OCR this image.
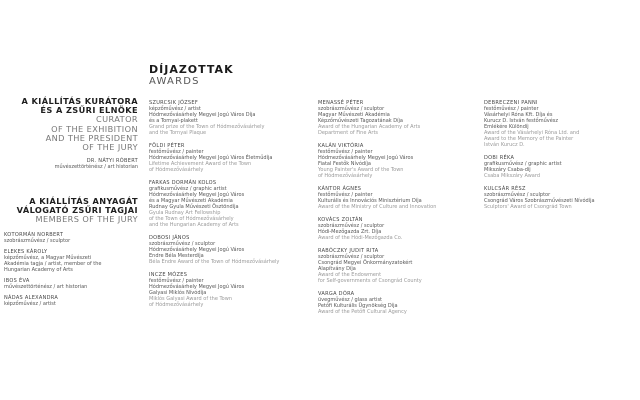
DÍJAZOTTAK
AWARDS
A KIÁLLÍTÁS KURÁTORA
ÉS A ZSŰRI ELNÖKE
CURATOR
OF THE EXHIBITION
AND THE PRESIDENT
OF THE JURY
DR. NÁTYI RÓBERT
művészettörténész / art historian
A KIÁLLÍTÁS ANYAGÁT
VÁLOGATÓ ZSŰRI TAGJAI
MEMBERS OF THE JURY
KOTORMÁN NORBERT
szobrászművész / sculptor
ELEKES KÁROLY
képzőművész, a Magyar Művészeti
Akadémia tagja / artist, member of the
Hungarian Academy of Arts
IBOS ÉVA
művészettörténész / art historian
NÁDAS ALEXANDRA
képzőművész / artist
SZURCSIK JÓZSEF
képzőművész / artist
Hódmezővásárhely Megyei Jogú Város Díja
és a Tornyai-plakett
Grand prize of the Town of Hódmezővásárhely
and the Tornyai Plaque
FÖLDI PÉTER
festőművész / painter
Hódmezővásárhely Megyei Jogú Város Életműdíja
Lifetime Achievement Award of the Town
of Hódmezővásárhely
FARKAS DORMÁN KOLOS
grafikusművész / graphic artist
Hódmezővásárhely Megyei Jogú Város
és a Magyar Művészeti Akadémia
Rudnay Gyula Művészeti Ösztöndíja
Gyula Rudnay Art Fellowship
of the Town of Hódmezővásárhely
and the Hungarian Academy of Arts
DOBOSI JÁNOS
szobrászművész / sculptor
Hódmezővásárhely Megyei Jogú Város
Endre Béla Mesterdíja
Béla Endre Award of the Town of Hódmezővásárhely
INCZE MÓZES
festőművész / painter
Hódmezővásárhely Megyei Jogú Város
Galyasi Miklós Nívódíja
Miklós Galyasi Award of the Town
of Hódmezővásárhely
MENASSÉ PÉTER
szobrászművész / sculptor
Magyar Művészeti Akadémia
Képzőművészeti Tagozatának Díja
Award of the Hungarian Academy of Arts
Department of Fine Arts
KALÁN VIKTÓRIA
festőművész / painter
Hódmezővásárhely Megyei Jogú Város
Fiatal Festők Nívódíja
Young Painter's Award of the Town
of Hódmezővásárhely
KÁNTOR ÁGNES
festőművész / painter
Kulturális és Innovációs Minisztérium Díja
Award of the Ministry of Culture and Innovation
KOVÁCS ZOLTÁN
szobrászművész / sculptor
Hódi-Mezőgazda Zrt. Díja
Award of the Hódi-Mezőgazda Co.
RABÓCZKY JUDIT RITA
szobrászművész / sculptor
Csongrád Megyei Önkormányzatokért
Alapítvány Díja
Award of the Endowment
for Self-governments of Csongrád County
VARGA DÓRA
üvegművész / glass artist
Petőfi Kulturális Ügynökség Díja
Award of the Petőfi Cultural Agency
DEBRECZENI PANNI
festőművész / painter
Vásárhelyi Róna Kft. Díja és
Kurucz D. István festőművész
Emlékére Különdíj
Award of the Vásárhelyi Róna Ltd. and
Award to the Memory of the Painter
István Kurucz D.
DOBI RÉKA
grafikusművész / graphic artist
Mikszáry Csaba-díj
Csaba Mikszáry Award
KULCSÁR RÉSZ
szobrászművész / sculptor
Csongrád Város Szobrászművészeti Nívódíja
Sculptors' Award of Csongrád Town
